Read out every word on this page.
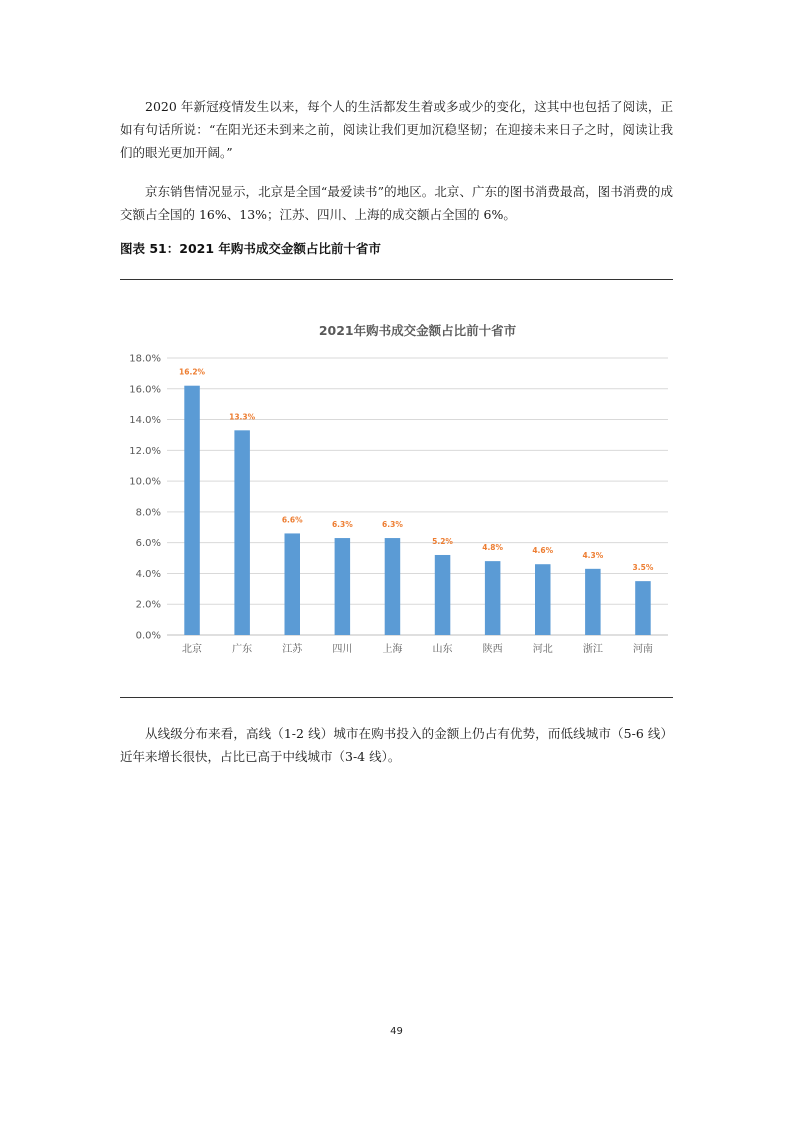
2020 年新冠疫情发生以来，每个人的生活都发生着或多或少的变化，这其中也包括了阅读，正如有句话所说：“在阳光还未到来之前，阅读让我们更加沉稳坚韧；在迎接未来日子之时，阅读让我们的眼光更加开阔。”

京东销售情况显示，北京是全国“最爱读书”的地区。北京、广东的图书消费最高，图书消费的成交额占全国的 16%、13%；江苏、四川、上海的成交额占全国的 6%。

图表 51：2021 年购书成交金额占比前十省市
2021年购书成交金额占比前十省市
0.0%
2.0%
4.0%
6.0%
8.0%
10.0%
12.0%
14.0%
16.0%
18.0%
16.2%
13.3%
6.6%
6.3%	6.3%
5.2%
4.8%	4.6%
4.3%
3.5%
北京	广东	江苏	四川	上海	山东	陕西	河北	浙江	河南

从线级分布来看，高线（1-2 线）城市在购书投入的金额上仍占有优势，而低线城市（5-6 线）近年来增长很快，占比已高于中线城市（3-4 线）。

49
